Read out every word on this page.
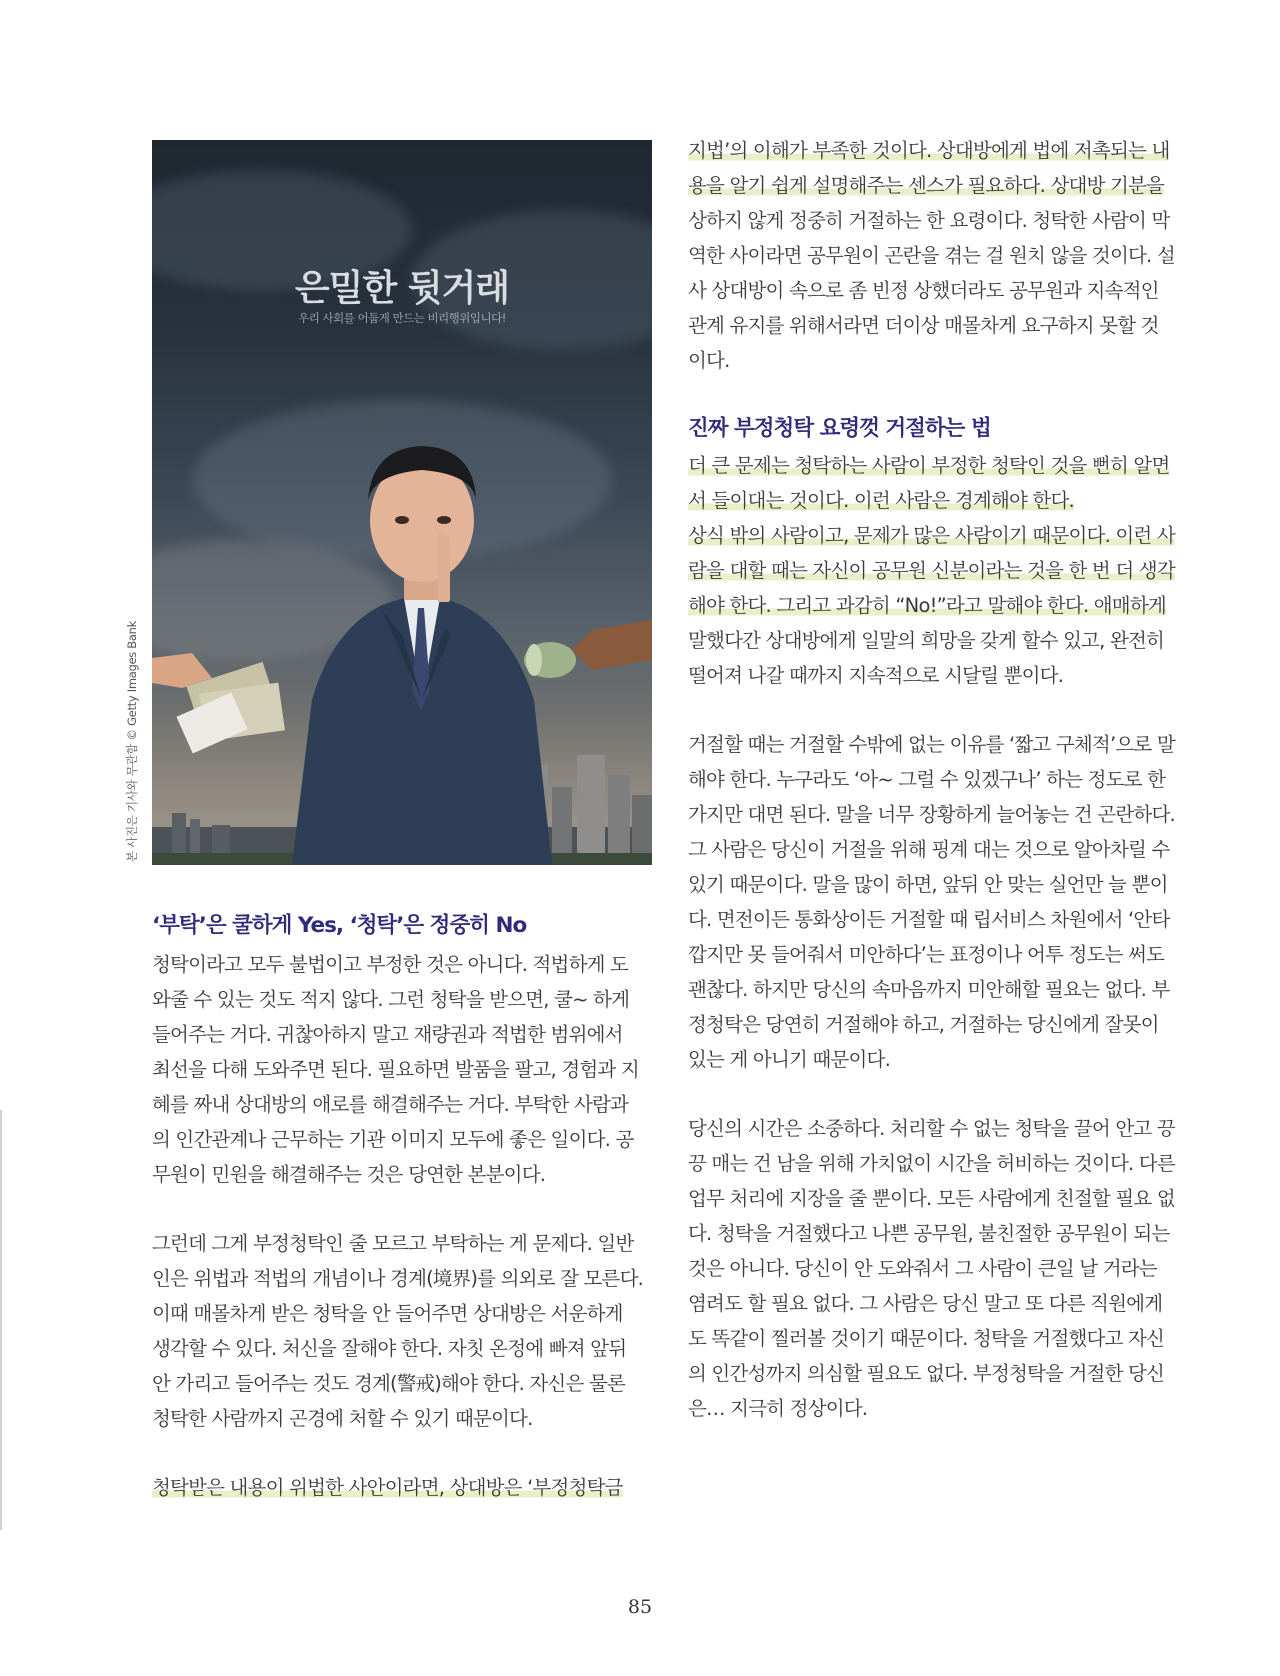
은밀한 뒷거래
우리 사회를 어둡게 만드는 비리행위입니다!
본 사진은 기사와 무관함 © Getty Images Bank
‘부탁’은 쿨하게 Yes, ‘청탁’은 정중히 No
청탁이라고 모두 불법이고 부정한 것은 아니다. 적법하게 도
와줄 수 있는 것도 적지 않다. 그런 청탁을 받으면, 쿨~ 하게
들어주는 거다. 귀찮아하지 말고 재량권과 적법한 범위에서
최선을 다해 도와주면 된다. 필요하면 발품을 팔고, 경험과 지
혜를 짜내 상대방의 애로를 해결해주는 거다. 부탁한 사람과
의 인간관계나 근무하는 기관 이미지 모두에 좋은 일이다. 공
무원이 민원을 해결해주는 것은 당연한 본분이다.
그런데 그게 부정청탁인 줄 모르고 부탁하는 게 문제다. 일반
인은 위법과 적법의 개념이나 경계(境界)를 의외로 잘 모른다.
이때 매몰차게 받은 청탁을 안 들어주면 상대방은 서운하게
생각할 수 있다. 처신을 잘해야 한다. 자칫 온정에 빠져 앞뒤
안 가리고 들어주는 것도 경계(警戒)해야 한다. 자신은 물론
청탁한 사람까지 곤경에 처할 수 있기 때문이다.
청탁받은 내용이 위법한 사안이라면, 상대방은 ‘부정청탁금
지법’의 이해가 부족한 것이다. 상대방에게 법에 저촉되는 내
용을 알기 쉽게 설명해주는 센스가 필요하다. 상대방 기분을
상하지 않게 정중히 거절하는 한 요령이다. 청탁한 사람이 막
역한 사이라면 공무원이 곤란을 겪는 걸 원치 않을 것이다. 설
사 상대방이 속으로 좀 빈정 상했더라도 공무원과 지속적인
관계 유지를 위해서라면 더이상 매몰차게 요구하지 못할 것
이다.
진짜 부정청탁 요령껏 거절하는 법
더 큰 문제는 청탁하는 사람이 부정한 청탁인 것을 뻔히 알면
서 들이대는 것이다. 이런 사람은 경계해야 한다.
상식 밖의 사람이고, 문제가 많은 사람이기 때문이다. 이런 사
람을 대할 때는 자신이 공무원 신분이라는 것을 한 번 더 생각
해야 한다. 그리고 과감히 “No!”라고 말해야 한다. 애매하게
말했다간 상대방에게 일말의 희망을 갖게 할수 있고, 완전히
떨어져 나갈 때까지 지속적으로 시달릴 뿐이다.
거절할 때는 거절할 수밖에 없는 이유를 ‘짧고 구체적’으로 말
해야 한다. 누구라도 ‘아~ 그럴 수 있겠구나’ 하는 정도로 한
가지만 대면 된다. 말을 너무 장황하게 늘어놓는 건 곤란하다.
그 사람은 당신이 거절을 위해 핑계 대는 것으로 알아차릴 수
있기 때문이다. 말을 많이 하면, 앞뒤 안 맞는 실언만 늘 뿐이
다. 면전이든 통화상이든 거절할 때 립서비스 차원에서 ‘안타
깝지만 못 들어줘서 미안하다’는 표정이나 어투 정도는 써도
괜찮다. 하지만 당신의 속마음까지 미안해할 필요는 없다. 부
정청탁은 당연히 거절해야 하고, 거절하는 당신에게 잘못이
있는 게 아니기 때문이다.
당신의 시간은 소중하다. 처리할 수 없는 청탁을 끌어 안고 끙
끙 매는 건 남을 위해 가치없이 시간을 허비하는 것이다. 다른
업무 처리에 지장을 줄 뿐이다. 모든 사람에게 친절할 필요 없
다. 청탁을 거절했다고 나쁜 공무원, 불친절한 공무원이 되는
것은 아니다. 당신이 안 도와줘서 그 사람이 큰일 날 거라는
염려도 할 필요 없다. 그 사람은 당신 말고 또 다른 직원에게
도 똑같이 찔러볼 것이기 때문이다. 청탁을 거절했다고 자신
의 인간성까지 의심할 필요도 없다. 부정청탁을 거절한 당신
은… 지극히 정상이다.
85
